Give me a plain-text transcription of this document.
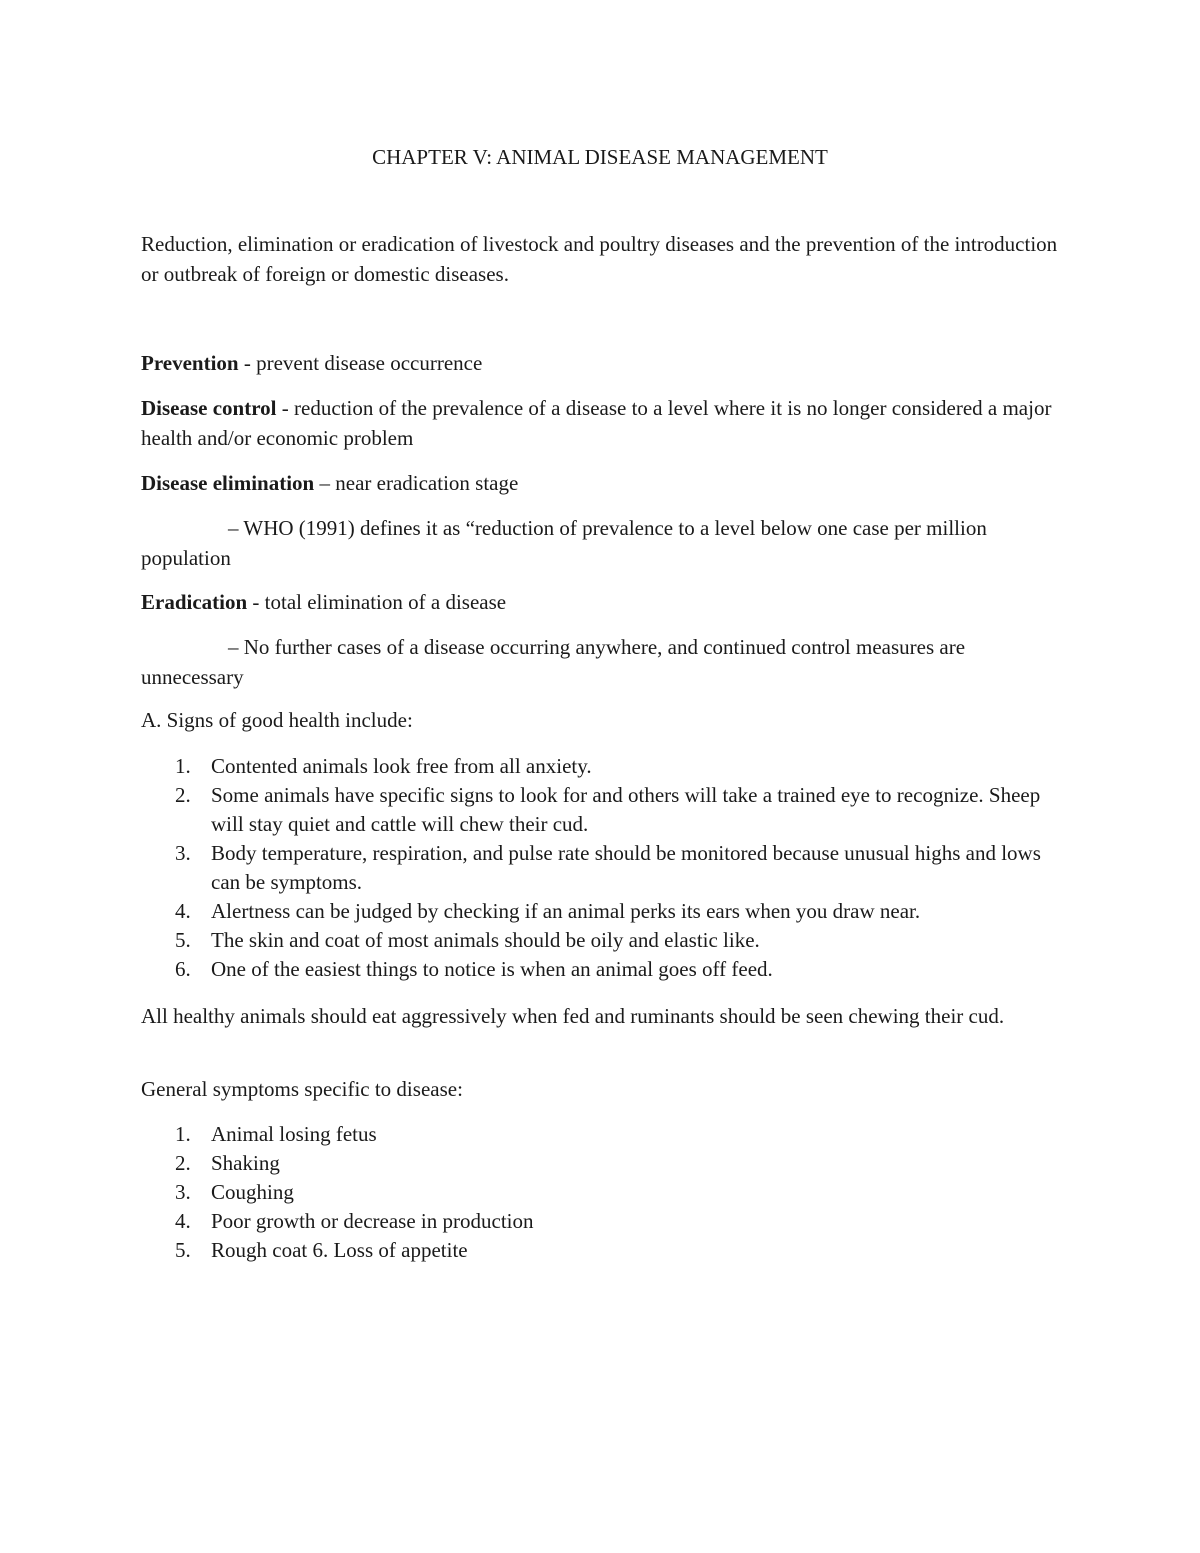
CHAPTER V: ANIMAL DISEASE MANAGEMENT

Reduction, elimination or eradication of livestock and poultry diseases and the prevention of the introduction or outbreak of foreign or domestic diseases.

Prevention - prevent disease occurrence

Disease control - reduction of the prevalence of a disease to a level where it is no longer considered a major health and/or economic problem

Disease elimination – near eradication stage

– WHO (1991) defines it as “reduction of prevalence to a level below one case per million population

Eradication - total elimination of a disease

– No further cases of a disease occurring anywhere, and continued control measures are unnecessary

A. Signs of good health include:

1. Contented animals look free from all anxiety.
2. Some animals have specific signs to look for and others will take a trained eye to recognize. Sheep will stay quiet and cattle will chew their cud.
3. Body temperature, respiration, and pulse rate should be monitored because unusual highs and lows can be symptoms.
4. Alertness can be judged by checking if an animal perks its ears when you draw near.
5. The skin and coat of most animals should be oily and elastic like.
6. One of the easiest things to notice is when an animal goes off feed.

All healthy animals should eat aggressively when fed and ruminants should be seen chewing their cud.

General symptoms specific to disease:

1. Animal losing fetus
2. Shaking
3. Coughing
4. Poor growth or decrease in production
5. Rough coat 6. Loss of appetite
